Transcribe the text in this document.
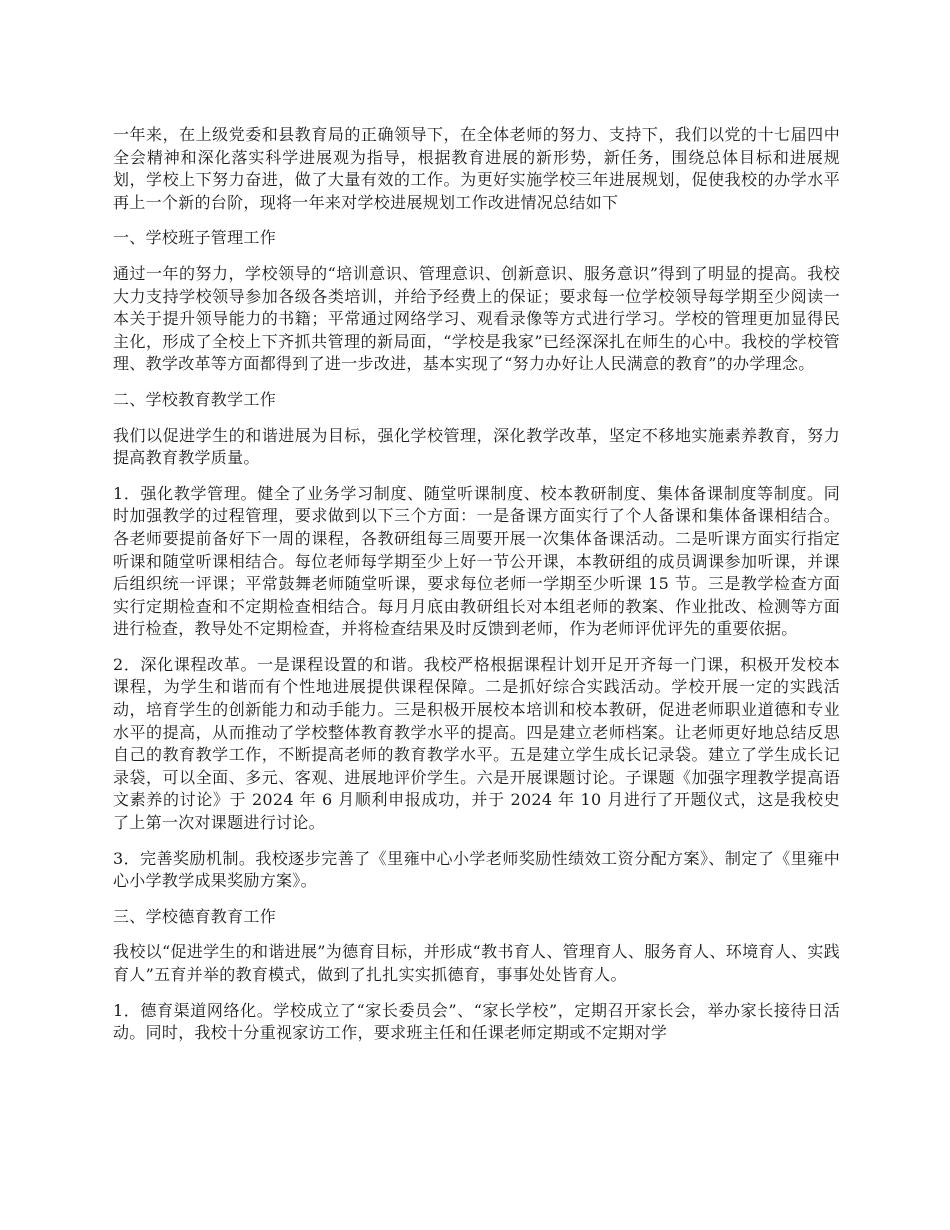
一年来，在上级党委和县教育局的正确领导下，在全体老师的努力、支持下，我们以党的十七届四中全会精神和深化落实科学进展观为指导，根据教育进展的新形势，新任务，围绕总体目标和进展规划，学校上下努力奋进，做了大量有效的工作。为更好实施学校三年进展规划，促使我校的办学水平再上一个新的台阶，现将一年来对学校进展规划工作改进情况总结如下

一、学校班子管理工作

通过一年的努力，学校领导的“培训意识、管理意识、创新意识、服务意识”得到了明显的提高。我校大力支持学校领导参加各级各类培训，并给予经费上的保证；要求每一位学校领导每学期至少阅读一本关于提升领导能力的书籍；平常通过网络学习、观看录像等方式进行学习。学校的管理更加显得民主化，形成了全校上下齐抓共管理的新局面，“学校是我家”已经深深扎在师生的心中。我校的学校管理、教学改革等方面都得到了进一步改进，基本实现了“努力办好让人民满意的教育”的办学理念。

二、学校教育教学工作

我们以促进学生的和谐进展为目标，强化学校管理，深化教学改革，坚定不移地实施素养教育，努力提高教育教学质量。

1．强化教学管理。健全了业务学习制度、随堂听课制度、校本教研制度、集体备课制度等制度。同时加强教学的过程管理，要求做到以下三个方面：一是备课方面实行了个人备课和集体备课相结合。各老师要提前备好下一周的课程，各教研组每三周要开展一次集体备课活动。二是听课方面实行指定听课和随堂听课相结合。每位老师每学期至少上好一节公开课，本教研组的成员调课参加听课，并课后组织统一评课；平常鼓舞老师随堂听课，要求每位老师一学期至少听课 15 节。三是教学检查方面实行定期检查和不定期检查相结合。每月月底由教研组长对本组老师的教案、作业批改、检测等方面进行检查，教导处不定期检查，并将检查结果及时反馈到老师，作为老师评优评先的重要依据。

2．深化课程改革。一是课程设置的和谐。我校严格根据课程计划开足开齐每一门课，积极开发校本课程，为学生和谐而有个性地进展提供课程保障。二是抓好综合实践活动。学校开展一定的实践活动，培育学生的创新能力和动手能力。三是积极开展校本培训和校本教研，促进老师职业道德和专业水平的提高，从而推动了学校整体教育教学水平的提高。四是建立老师档案。让老师更好地总结反思自己的教育教学工作，不断提高老师的教育教学水平。五是建立学生成长记录袋。建立了学生成长记录袋，可以全面、多元、客观、进展地评价学生。六是开展课题讨论。子课题《加强字理教学提高语文素养的讨论》于 2024 年 6 月顺利申报成功，并于 2024 年 10 月进行了开题仪式，这是我校史了上第一次对课题进行讨论。

3．完善奖励机制。我校逐步完善了《里雍中心小学老师奖励性绩效工资分配方案》、制定了《里雍中心小学教学成果奖励方案》。

三、学校德育教育工作

我校以“促进学生的和谐进展”为德育目标，并形成“教书育人、管理育人、服务育人、环境育人、实践育人”五育并举的教育模式，做到了扎扎实实抓德育，事事处处皆育人。

1．德育渠道网络化。学校成立了“家长委员会”、“家长学校”，定期召开家长会，举办家长接待日活动。同时，我校十分重视家访工作，要求班主任和任课老师定期或不定期对学
